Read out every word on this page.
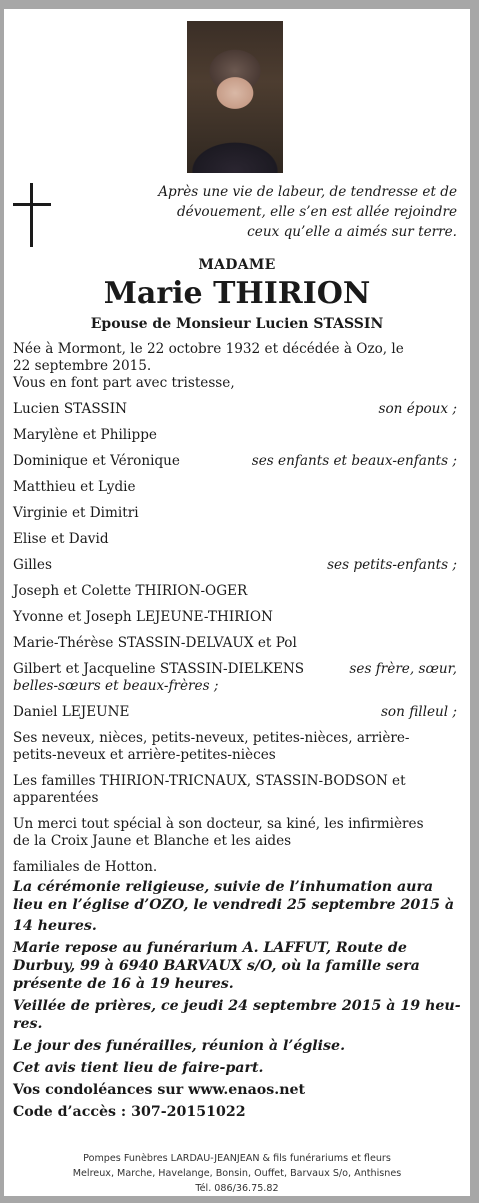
Après une vie de labeur, de tendresse et de
dévouement, elle s’en est allée rejoindre
ceux qu’elle a aimés sur terre.
MADAME
Marie THIRION
Epouse de Monsieur Lucien STASSIN
Née à Mormont, le 22 octobre 1932 et décédée à Ozo, le
22 septembre 2015.
Vous en font part avec tristesse,
Lucien STASSIN	son époux ;
Marylène et Philippe
Dominique et Véronique	ses enfants et beaux-enfants ;
Matthieu et Lydie
Virginie et Dimitri
Elise et David
Gilles	ses petits-enfants ;
Joseph et Colette THIRION-OGER
Yvonne et Joseph LEJEUNE-THIRION
Marie-Thérèse STASSIN-DELVAUX et Pol
Gilbert et Jacqueline STASSIN-DIELKENS	ses frère, sœur,
belles-sœurs et beaux-frères ;
Daniel LEJEUNE	son filleul ;
Ses neveux, nièces, petits-neveux, petites-nièces, arrière-
petits-neveux et arrière-petites-nièces
Les familles THIRION-TRICNAUX, STASSIN-BODSON et
apparentées
Un merci tout spécial à son docteur, sa kiné, les infirmières
de la Croix Jaune et Blanche et les aides
familiales de Hotton.
La cérémonie religieuse, suivie de l’inhumation aura
lieu en l’église d’OZO, le vendredi 25 septembre 2015 à
14 heures.
Marie repose au funérarium A. LAFFUT, Route de
Durbuy, 99 à 6940 BARVAUX s/O, où la famille sera
présente de 16 à 19 heures.
Veillée de prières, ce jeudi 24 septembre 2015 à 19 heu-
res.
Le jour des funérailles, réunion à l’église.
Cet avis tient lieu de faire-part.
Vos condoléances sur www.enaos.net
Code d’accès : 307-20151022
Pompes Funèbres LARDAU-JEANJEAN & fils funérariums et fleurs
Melreux, Marche, Havelange, Bonsin, Ouffet, Barvaux S/o, Anthisnes
Tél. 086/36.75.82
